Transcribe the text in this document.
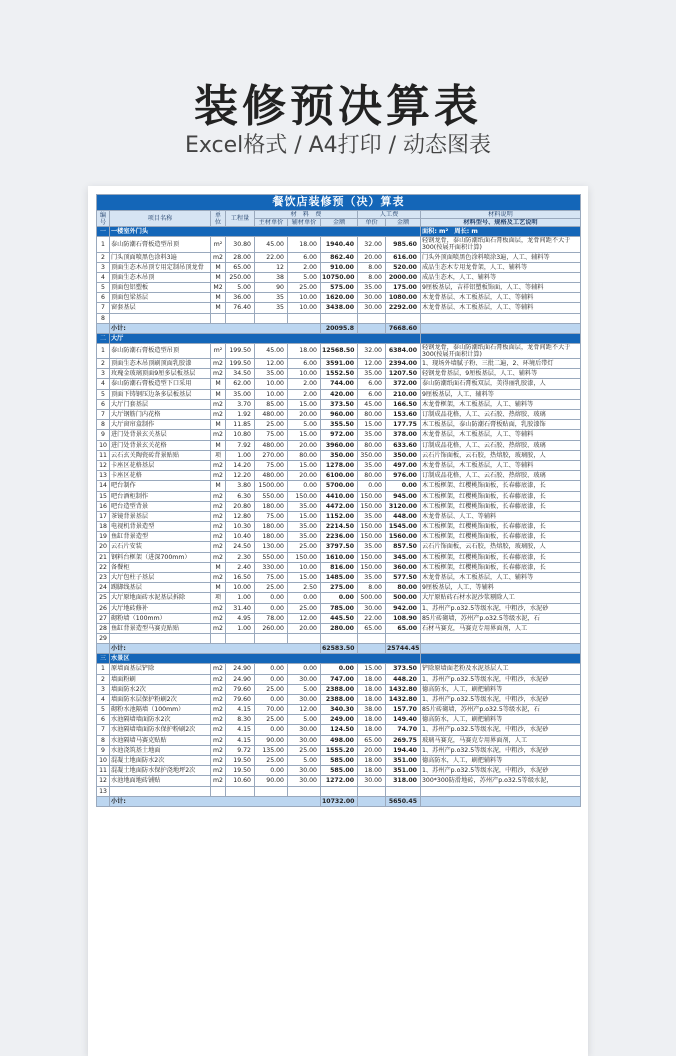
装修预决算表
Excel格式 / A4打印 / 动态图表
餐饮店装修预（决）算表									
编号	项目名称	单位	工程量	材　料　费			人工费		材料说明
				主材单价	辅材单价	金额	单价	金额	材料型号、规格及工艺说明
一	一楼室外门头								面积: m²　周长: m
1	泰山防潮石膏板造型吊顶	m²	30.80	45.00	18.00	1940.40	32.00	985.60	轻钢龙骨，泰山防潮纸面石膏板面层，龙骨间距不大于300(按展开面积计算)
2	门头顶面喷黑色涂料3遍	m2	28.00	22.00	6.00	862.40	20.00	616.00	门头外顶面喷黑色涂料喷涂3遍，人工、辅料等
3	顶面生态木吊顶专用定制吊顶龙骨	M	65.00	12	2.00	910.00	8.00	520.00	成品生态木专用龙骨架，人工、辅料等
4	顶面生态木吊顶	M	250.00	38	5.00	10750.00	8.00	2000.00	成品生态木，人工、辅料等
5	顶面包铝塑板	M2	5.00	90	25.00	575.00	35.00	175.00	9厘板基层，吉祥铝塑板饰面，人工、等辅料
6	顶面包梁基层	M	36.00	35	10.00	1620.00	30.00	1080.00	木龙骨基层、木工板基层，人工、等辅料
7	窗套基层	M	76.40	35	10.00	3438.00	30.00	2292.00	木龙骨基层、木工板基层，人工、等辅料
8									
	小计:					20095.8		7668.60	
二	大厅								
1	泰山防潮石膏板造型吊顶	m²	199.50	45.00	18.00	12568.50	32.00	6384.00	轻钢龙骨，泰山防潮纸面石膏板面层，龙骨间距不大于300(按展开面积计算)
2	顶面生态木吊顶刷顶面乳胶漆	m2	199.50	12.00	6.00	3591.00	12.00	2394.00	1、现场外墙腻子粉、三批二遍，2、环境后带灯
3	玫瑰金玻璃顶面9厘多层板基层	m2	34.50	35.00	10.00	1552.50	35.00	1207.50	轻钢龙骨基层，9厘板基层，人工、辅料等
4	泰山防潮石膏板造型下口采用	M	62.00	10.00	2.00	744.00	6.00	372.00	泰山防潮纸面石膏板双层，美得丽乳胶漆，人
5	顶面下铸钢压边条多层板基层	M	35.00	10.00	2.00	420.00	6.00	210.00	9厘板基层，人工、辅料等
6	大厅门套基层	m2	3.70	85.00	15.00	373.50	45.00	166.50	木龙骨框架，木工板基层，人工、辅料等
7	大厅钢筋门内花格	m2	1.92	480.00	20.00	960.00	80.00	153.60	订制成品花格，人工、云石胶、热熔胶、玻璃
8	大厅窗帘盒制作	M	11.85	25.00	5.00	355.50	15.00	177.75	木工板基层，泰山防潮石膏板贴面，乳胶漆饰
9	进门处背景玄关基层	m2	10.80	75.00	15.00	972.00	35.00	378.00	木龙骨基层，木工板基层，人工、等辅料
10	进门处背景玄关花格	M	7.92	480.00	20.00	3960.00	80.00	633.60	订制成品花格，人工、云石胶、热熔胶、玻璃
11	云石玄关陶瓷砖背景贴贴	项	1.00	270.00	80.00	350.00	350.00	350.00	云石片饰面板，云石胶，热熔胶，玻璃胶，人
12	卡座区花格基层	m2	14.20	75.00	15.00	1278.00	35.00	497.00	木龙骨基层，木工板基层，人工、等辅料
13	卡座区花格	m2	12.20	480.00	20.00	6100.00	80.00	976.00	订制成品花格，人工、云石胶、热熔胶、玻璃
14	吧台制作	M	3.80	1500.00	0.00	5700.00	0.00	0.00	木工板框架、红樱桃饰面板，长春藤底漆，长
15	吧台酒柜制作	m2	6.30	550.00	150.00	4410.00	150.00	945.00	木工板框架，红樱桃饰面板，长春藤底漆，长
16	吧台造型背景	m2	20.80	180.00	35.00	4472.00	150.00	3120.00	木工板框架，红樱桃饰面板，长春藤底漆，长
17	茶镜背景基层	m2	12.80	75.00	15.00	1152.00	35.00	448.00	木龙骨基层、人工、等辅料
18	电视机背景造型	m2	10.30	180.00	35.00	2214.50	150.00	1545.00	木工板框架，红樱桃饰面板，长春藤底漆，长
19	鱼缸背景造型	m2	10.40	180.00	35.00	2236.00	150.00	1560.00	木工板框架，红樱桃饰面板，长春藤底漆，长
20	云石片安装	m2	24.50	130.00	25.00	3797.50	35.00	857.50	云石片饰面板，云石胶，热熔胶，玻璃胶，人
21	钢料台框架（进深700mm）	m2	2.30	550.00	150.00	1610.00	150.00	345.00	木工板框架，红樱桃饰面板，长春藤底漆，长
22	备餐柜	M	2.40	330.00	10.00	816.00	150.00	360.00	木工板框架，红樱桃饰面板，长春藤底漆，长
23	大厅包柱子基层	m2	16.50	75.00	15.00	1485.00	35.00	577.50	木龙骨基层，木工板基层，人工、辅料等
24	踢脚线基层	M	10.00	25.00	2.50	275.00	8.00	80.00	9厘板基层，人工、等辅料
25	大厅原地面砖水泥基层拆除	项	1.00	0.00	0.00	0.00	500.00	500.00	大厅原贴砖石材水泥沙浆剔除人工
26	大厅地砖修补	m2	31.40	0.00	25.00	785.00	30.00	942.00	1、苏州产p.o32.5等级水泥，中粗沙，水泥砂
27	砌粉墙（100mm）	m2	4.95	78.00	12.00	445.50	22.00	108.90	85片砖砌墙，苏州产p.o32.5等级水泥，石
28	鱼缸背景造型马赛克贴贴	m2	1.00	260.00	20.00	280.00	65.00	65.00	石材马赛克，马赛克专用界面剂，人工
29									
	小计:					62583.50		25744.45	
三	水景区								
1	原墙面基层铲除	m2	24.90	0.00	0.00	0.00	15.00	373.50	铲除原墙面老粉及水泥基层人工
2	墙面粉刷	m2	24.90	0.00	30.00	747.00	18.00	448.20	1、苏州产p.o32.5等级水泥，中粗沙，水泥砂
3	墙面防水2次	m2	79.60	25.00	5.00	2388.00	18.00	1432.80	德高防水，人工，刷把辅料等
4	墙面防水层保护粉刷2次	m2	79.60	0.00	30.00	2388.00	18.00	1432.80	1、苏州产p.o32.5等级水泥，中粗沙，水泥砂
5	砌粉水池隔墙（100mm）	m2	4.15	70.00	12.00	340.30	38.00	157.70	85片砖砌墙，苏州产p.o32.5等级水泥，石
6	水池隔墙墙面防水2次	m2	8.30	25.00	5.00	249.00	18.00	149.40	德高防水，人工，刷把辅料等
7	水池隔墙墙面防水保护粉刷2次	m2	4.15	0.00	30.00	124.50	18.00	74.70	1、苏州产p.o32.5等级水泥，中粗沙，水泥砂
8	水池隔墙马赛克贴贴	m2	4.15	90.00	30.00	498.00	65.00	269.75	玻璃马赛克，马赛克专用界面剂，人工
9	水池浇筑基土地面	m2	9.72	135.00	25.00	1555.20	20.00	194.40	1、苏州产p.o32.5等级水泥，中粗沙，水泥砂
10	混凝土地面防水2次	m2	19.50	25.00	5.00	585.00	18.00	351.00	德高防水，人工，刷把辅料等
11	混凝土地面防水保护浇地坪2次	m2	19.50	0.00	30.00	585.00	18.00	351.00	1、苏州产p.o32.5等级水泥，中粗沙，水泥砂
12	水池地面地砖铺贴	m2	10.60	90.00	30.00	1272.00	30.00	318.00	300*300防滑地砖，苏州产p.o32.5等级水泥，
13									
	小计:					10732.00		5650.45	
